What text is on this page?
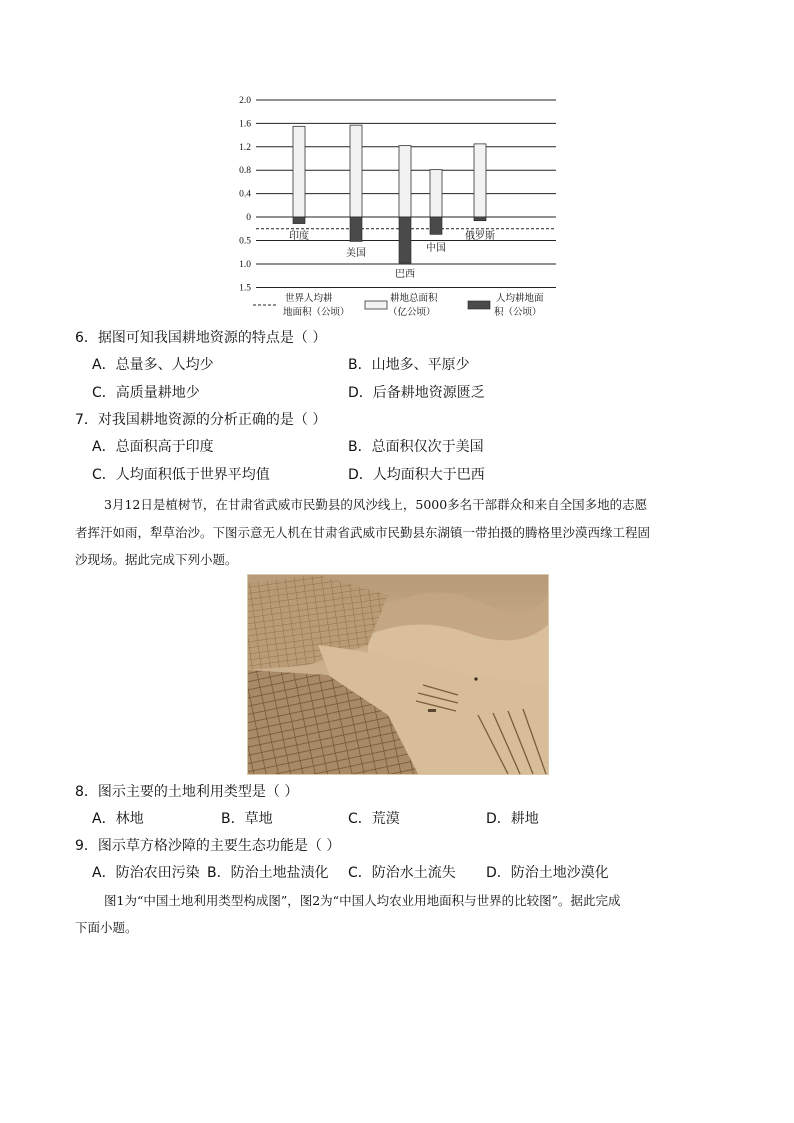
2.0
1.6
1.2
0.8
0.4
0
0.5
1.0
1.5
印度
美国
巴西
中国
俄罗斯
世界人均耕
地面积（公顷）
耕地总面积
（亿公顷）
人均耕地面
积（公顷）
6．据图可知我国耕地资源的特点是（ ）
A．总量多、人均少	B．山地多、平原少
C．高质量耕地少	D．后备耕地资源匮乏
7．对我国耕地资源的分析正确的是（ ）
A．总面积高于印度	B．总面积仅次于美国
C．人均面积低于世界平均值	D．人均面积大于巴西
3月12日是植树节，在甘肃省武威市民勤县的风沙线上，5000多名干部群众和来自全国多地的志愿
者挥汗如雨，犁草治沙。下图示意无人机在甘肃省武威市民勤县东湖镇一带拍摄的腾格里沙漠西缘工程固
沙现场。据此完成下列小题。
8．图示主要的土地利用类型是（ ）
A．林地	B．草地	C．荒漠	D．耕地
9．图示草方格沙障的主要生态功能是（ ）
A．防治农田污染 B．防治土地盐渍化 C．防治水土流失 D．防治土地沙漠化
图1为“中国土地利用类型构成图”，图2为“中国人均农业用地面积与世界的比较图”。据此完成
下面小题。
